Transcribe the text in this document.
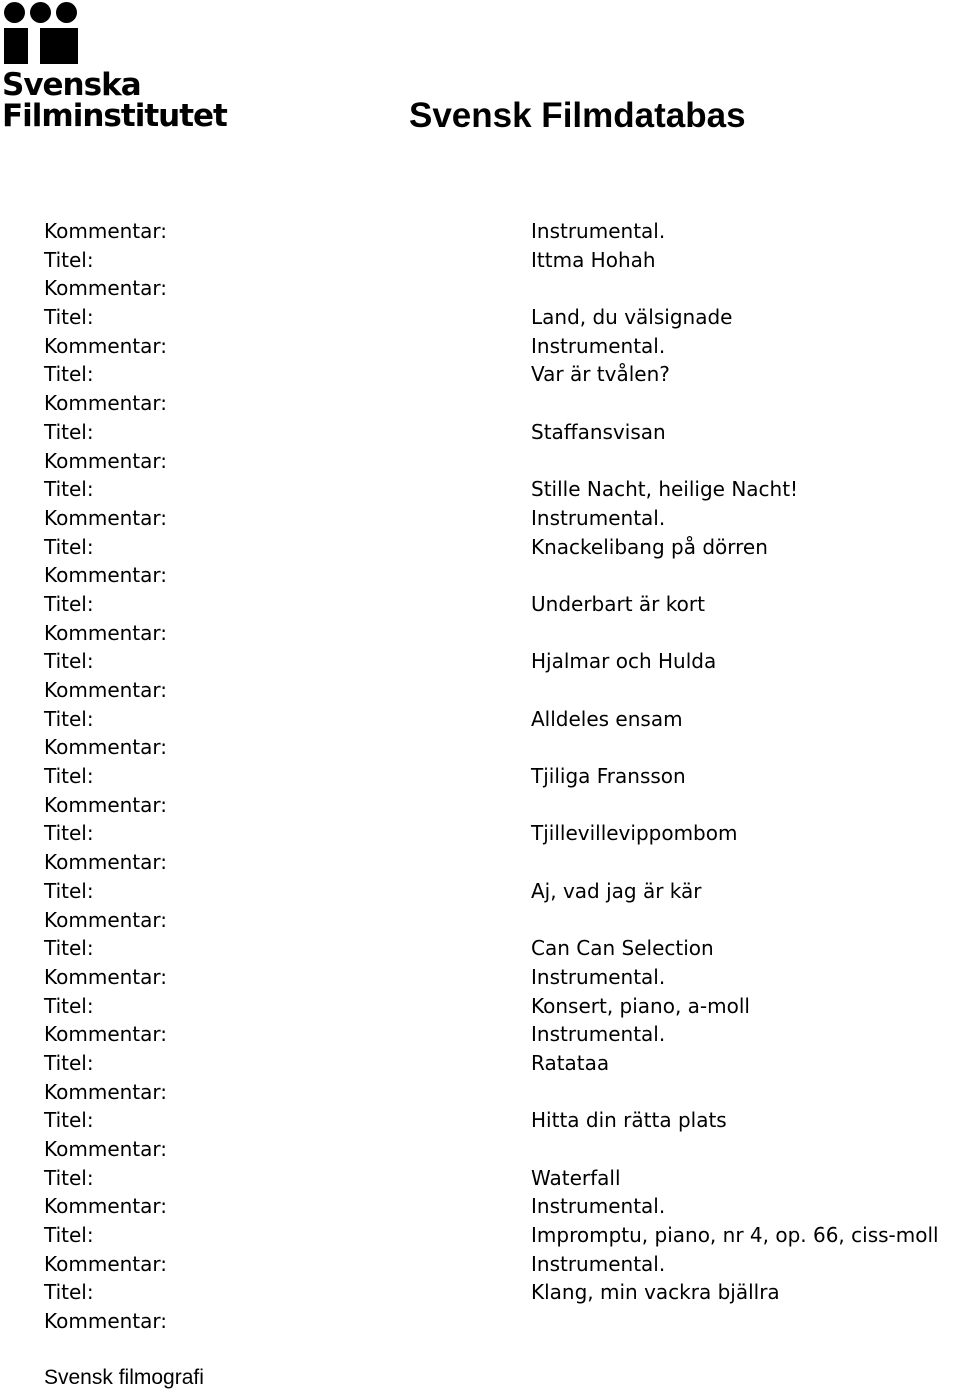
Svenska
Filminstitutet	Svensk Filmdatabas
Kommentar:	Instrumental.
Titel:	Ittma Hohah
Kommentar:
Titel:	Land, du välsignade
Kommentar:	Instrumental.
Titel:	Var är tvålen?
Kommentar:
Titel:	Staffansvisan
Kommentar:
Titel:	Stille Nacht, heilige Nacht!
Kommentar:	Instrumental.
Titel:	Knackelibang på dörren
Kommentar:
Titel:	Underbart är kort
Kommentar:
Titel:	Hjalmar och Hulda
Kommentar:
Titel:	Alldeles ensam
Kommentar:
Titel:	Tjiliga Fransson
Kommentar:
Titel:	Tjillevillevippombom
Kommentar:
Titel:	Aj, vad jag är kär
Kommentar:
Titel:	Can Can Selection
Kommentar:	Instrumental.
Titel:	Konsert, piano, a-moll
Kommentar:	Instrumental.
Titel:	Ratataa
Kommentar:
Titel:	Hitta din rätta plats
Kommentar:
Titel:	Waterfall
Kommentar:	Instrumental.
Titel:	Impromptu, piano, nr 4, op. 66, ciss-moll
Kommentar:	Instrumental.
Titel:	Klang, min vackra bjällra
Kommentar:
Svensk filmografi
